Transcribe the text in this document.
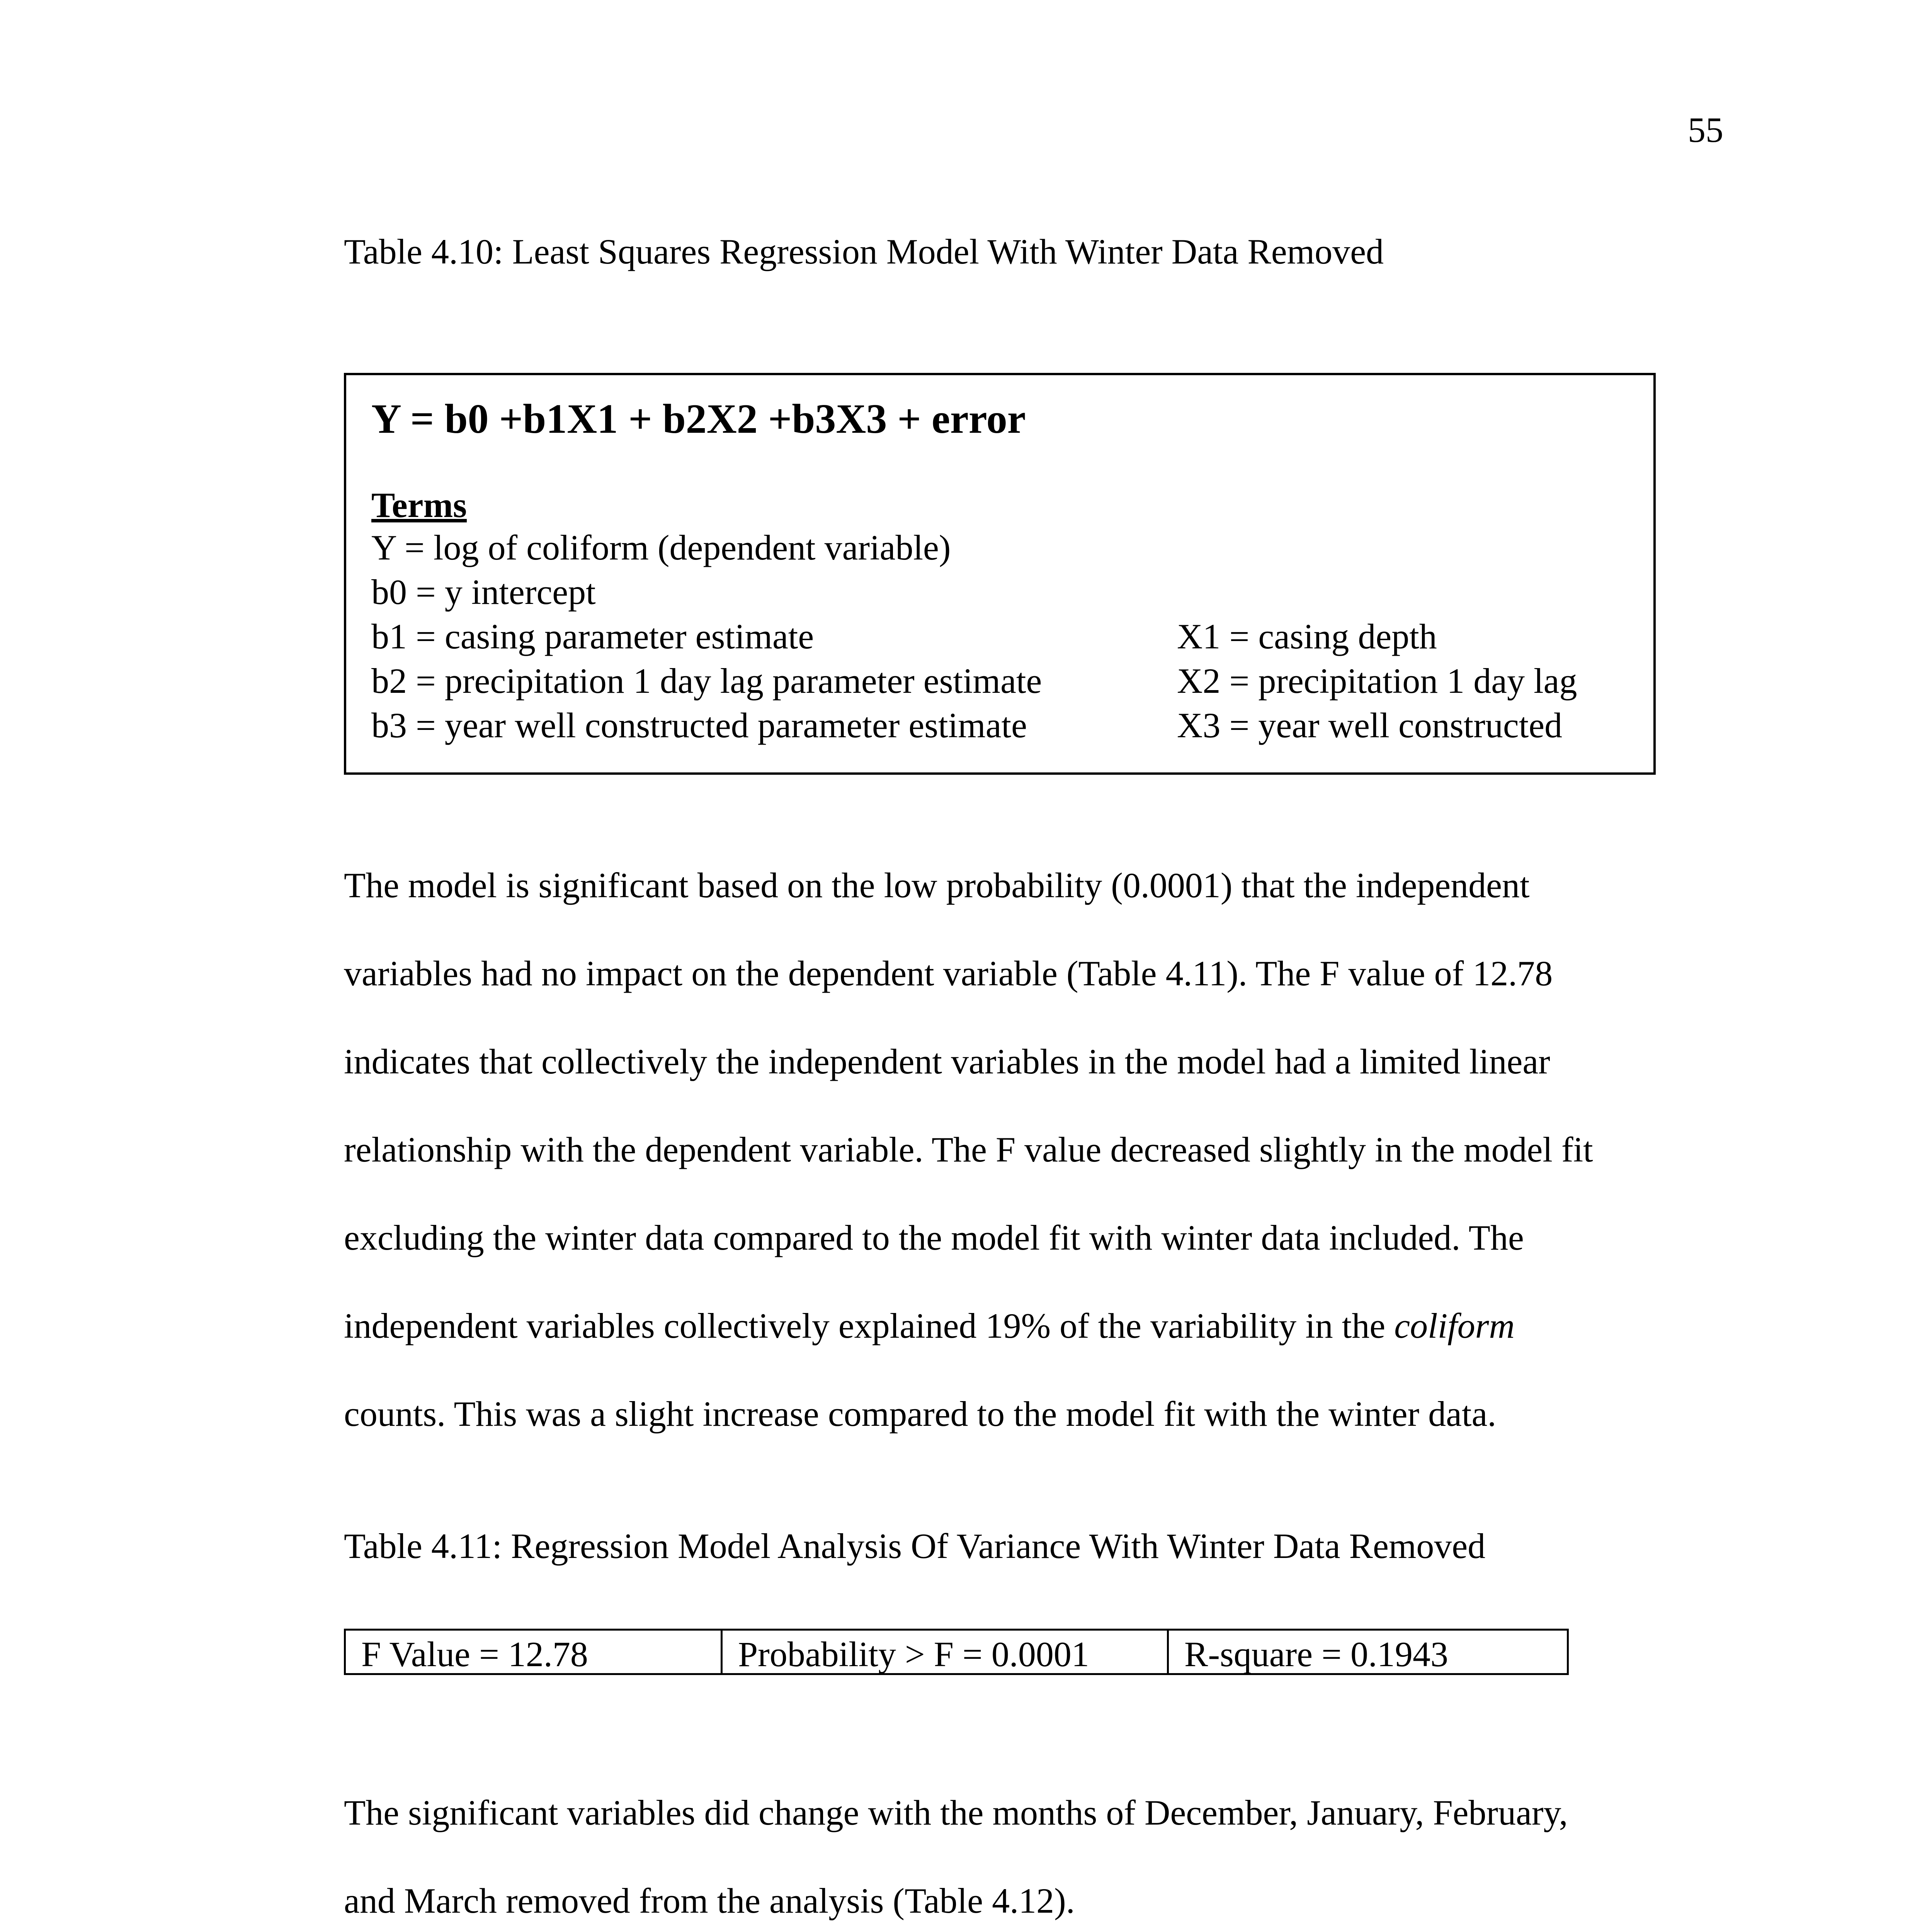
55
Table 4.10: Least Squares Regression Model With Winter Data Removed
Y = b0 +b1X1 + b2X2 +b3X3 + error
Terms
Y = log of coliform (dependent variable)
b0 = y intercept
b1 = casing parameter estimate
b2 = precipitation 1 day lag parameter estimate
b3 = year well constructed parameter estimate
X1 = casing depth
X2 = precipitation 1 day lag
X3 = year well constructed
The model is significant based on the low probability (0.0001) that the independent
variables had no impact on the dependent variable (Table 4.11). The F value of 12.78
indicates that collectively the independent variables in the model had a limited linear
relationship with the dependent variable. The F value decreased slightly in the model fit
excluding the winter data compared to the model fit with winter data included. The
independent variables collectively explained 19% of the variability in the coliform
counts. This was a slight increase compared to the model fit with the winter data.
Table 4.11: Regression Model Analysis Of Variance With Winter Data Removed
F Value = 12.78	Probability > F = 0.0001	R-square = 0.1943
The significant variables did change with the months of December, January, February,
and March removed from the analysis (Table 4.12).
